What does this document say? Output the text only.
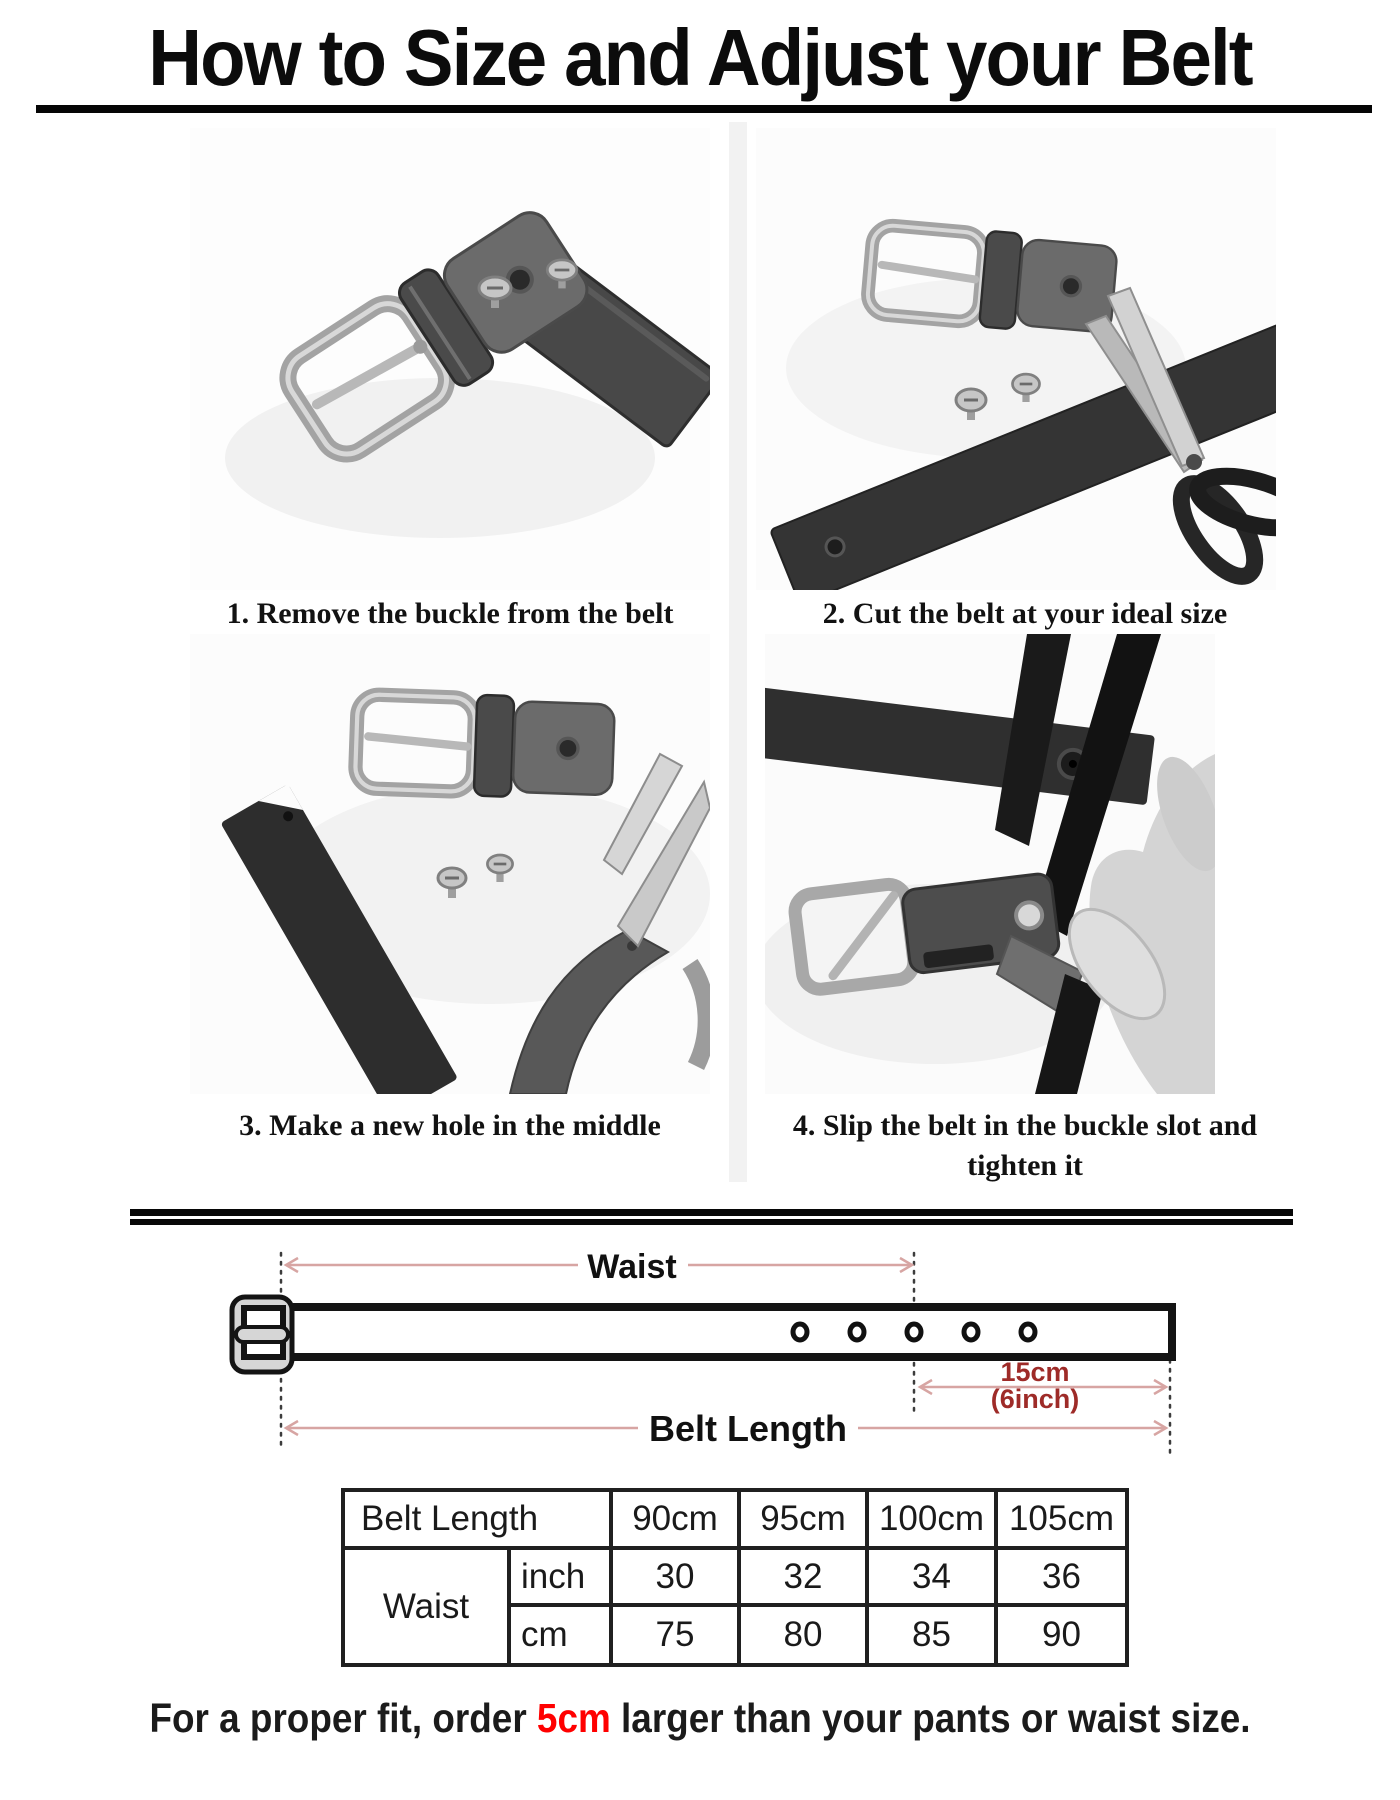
How to Size and Adjust your Belt
1. Remove the buckle from the belt	2. Cut the belt at your ideal size
3. Make a new hole in the middle	4. Slip the belt in the buckle slot and tighten it
Waist
15cm
(6inch)
Belt Length
Belt Length		90cm	95cm	100cm	105cm
Waist	inch	30	32	34	36
	cm	75	80	85	90
For a proper fit, order 5cm larger than your pants or waist size.
